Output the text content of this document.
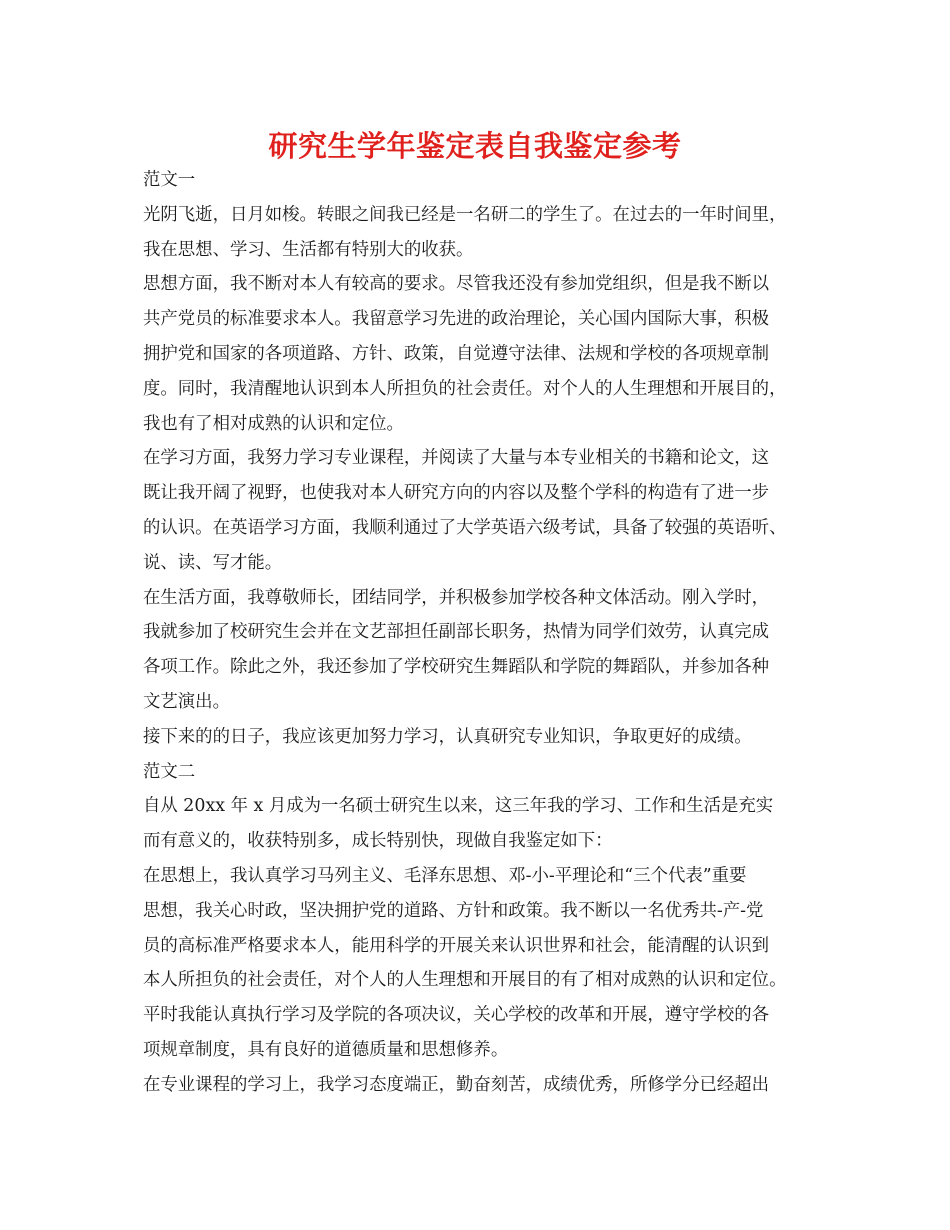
研究生学年鉴定表自我鉴定参考
范文一
光阴飞逝，日月如梭。转眼之间我已经是一名研二的学生了。在过去的一年时间里，
我在思想、学习、生活都有特别大的收获。
思想方面，我不断对本人有较高的要求。尽管我还没有参加党组织，但是我不断以
共产党员的标准要求本人。我留意学习先进的政治理论，关心国内国际大事，积极
拥护党和国家的各项道路、方针、政策，自觉遵守法律、法规和学校的各项规章制
度。同时，我清醒地认识到本人所担负的社会责任。对个人的人生理想和开展目的，
我也有了相对成熟的认识和定位。
在学习方面，我努力学习专业课程，并阅读了大量与本专业相关的书籍和论文，这
既让我开阔了视野，也使我对本人研究方向的内容以及整个学科的构造有了进一步
的认识。在英语学习方面，我顺利通过了大学英语六级考试，具备了较强的英语听、
说、读、写才能。
在生活方面，我尊敬师长，团结同学，并积极参加学校各种文体活动。刚入学时，
我就参加了校研究生会并在文艺部担任副部长职务，热情为同学们效劳，认真完成
各项工作。除此之外，我还参加了学校研究生舞蹈队和学院的舞蹈队，并参加各种
文艺演出。
接下来的的日子，我应该更加努力学习，认真研究专业知识，争取更好的成绩。
范文二
自从 20xx 年 x 月成为一名硕士研究生以来，这三年我的学习、工作和生活是充实
而有意义的，收获特别多，成长特别快，现做自我鉴定如下：
在思想上，我认真学习马列主义、毛泽东思想、邓-小-平理论和“三个代表”重要
思想，我关心时政，坚决拥护党的道路、方针和政策。我不断以一名优秀共-产-党
员的高标准严格要求本人，能用科学的开展关来认识世界和社会，能清醒的认识到
本人所担负的社会责任，对个人的人生理想和开展目的有了相对成熟的认识和定位。
平时我能认真执行学习及学院的各项决议，关心学校的改革和开展，遵守学校的各
项规章制度，具有良好的道德质量和思想修养。
在专业课程的学习上，我学习态度端正，勤奋刻苦，成绩优秀，所修学分已经超出
